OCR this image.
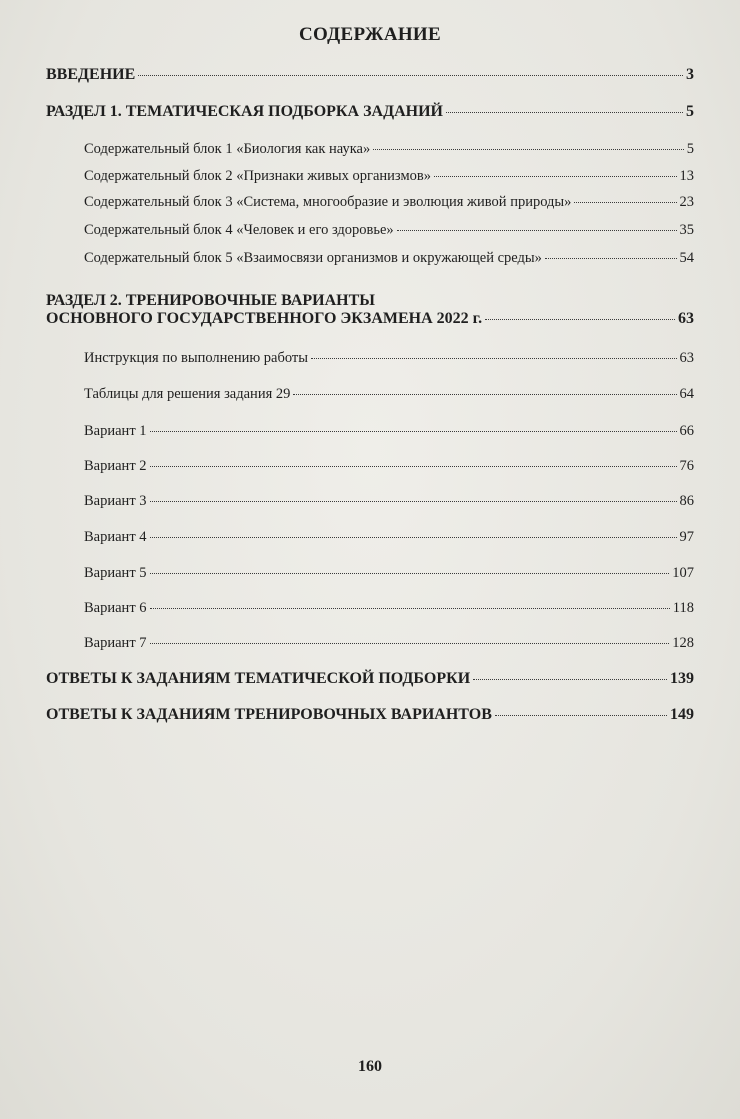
СОДЕРЖАНИЕ
ВВЕДЕНИЕ	3
РАЗДЕЛ 1. ТЕМАТИЧЕСКАЯ ПОДБОРКА ЗАДАНИЙ	5
Содержательный блок 1 «Биология как наука»	5
Содержательный блок 2 «Признаки живых организмов»	13
Содержательный блок 3 «Система, многообразие и эволюция живой природы»	23
Содержательный блок 4 «Человек и его здоровье»	35
Содержательный блок 5 «Взаимосвязи организмов и окружающей среды»	54
РАЗДЕЛ 2. ТРЕНИРОВОЧНЫЕ ВАРИАНТЫ
ОСНОВНОГО ГОСУДАРСТВЕННОГО ЭКЗАМЕНА 2022 г.	63
Инструкция по выполнению работы	63
Таблицы для решения задания 29	64
Вариант 1	66
Вариант 2	76
Вариант 3	86
Вариант 4	97
Вариант 5	107
Вариант 6	118
Вариант 7	128
ОТВЕТЫ К ЗАДАНИЯМ ТЕМАТИЧЕСКОЙ ПОДБОРКИ	139
ОТВЕТЫ К ЗАДАНИЯМ ТРЕНИРОВОЧНЫХ ВАРИАНТОВ	149
160
